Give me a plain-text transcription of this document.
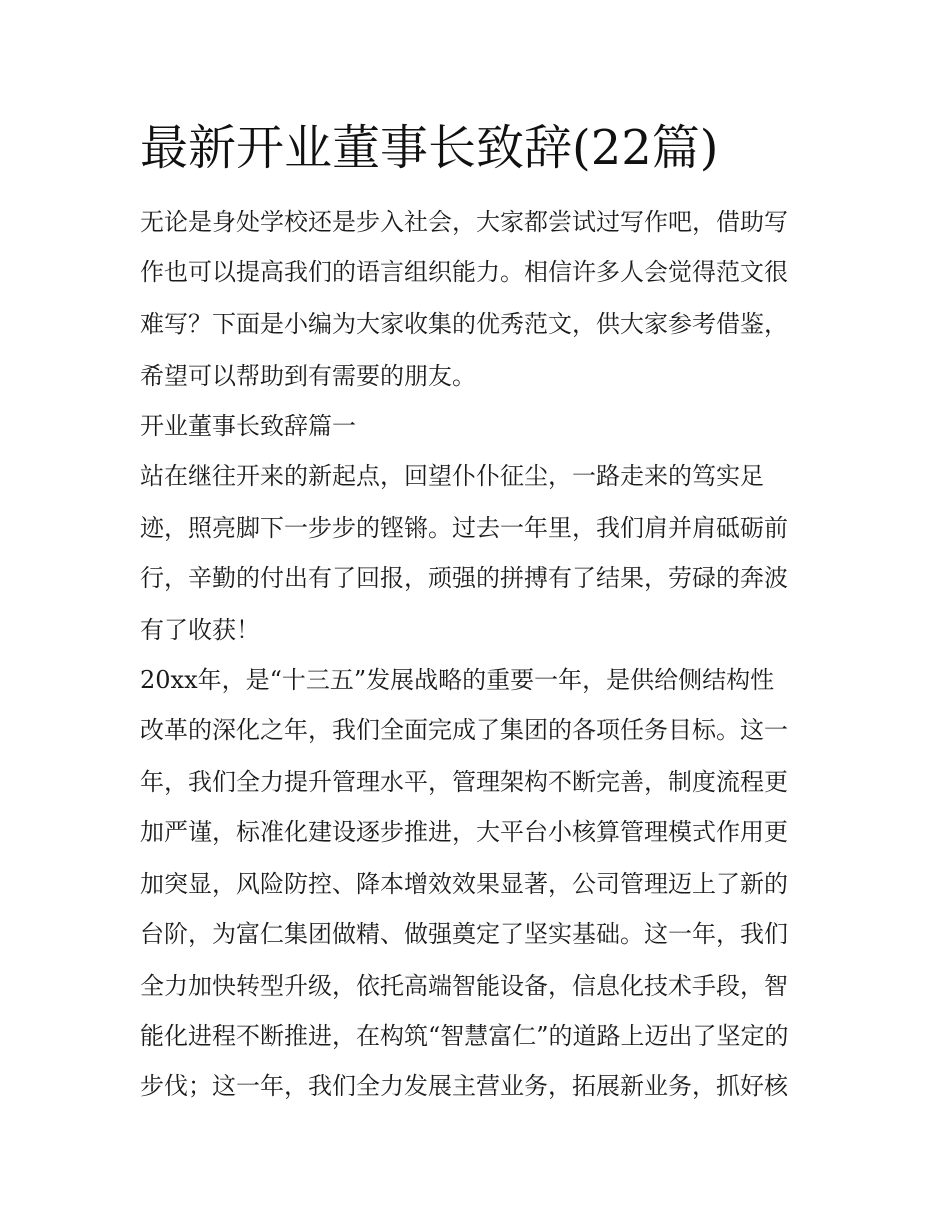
最新开业董事长致辞(22篇)

无论是身处学校还是步入社会，大家都尝试过写作吧，借助写

作也可以提高我们的语言组织能力。相信许多人会觉得范文很

难写？下面是小编为大家收集的优秀范文，供大家参考借鉴，

希望可以帮助到有需要的朋友。

开业董事长致辞篇一

站在继往开来的新起点，回望仆仆征尘，一路走来的笃实足

迹，照亮脚下一步步的铿锵。过去一年里，我们肩并肩砥砺前

行，辛勤的付出有了回报，顽强的拼搏有了结果，劳碌的奔波

有了收获！

20xx年，是“十三五”发展战略的重要一年，是供给侧结构性

改革的深化之年，我们全面完成了集团的各项任务目标。这一

年，我们全力提升管理水平，管理架构不断完善，制度流程更

加严谨，标准化建设逐步推进，大平台小核算管理模式作用更

加突显，风险防控、降本增效效果显著，公司管理迈上了新的

台阶，为富仁集团做精、做强奠定了坚实基础。这一年，我们

全力加快转型升级，依托高端智能设备，信息化技术手段，智

能化进程不断推进，在构筑“智慧富仁”的道路上迈出了坚定的

步伐；这一年，我们全力发展主营业务，拓展新业务，抓好核
